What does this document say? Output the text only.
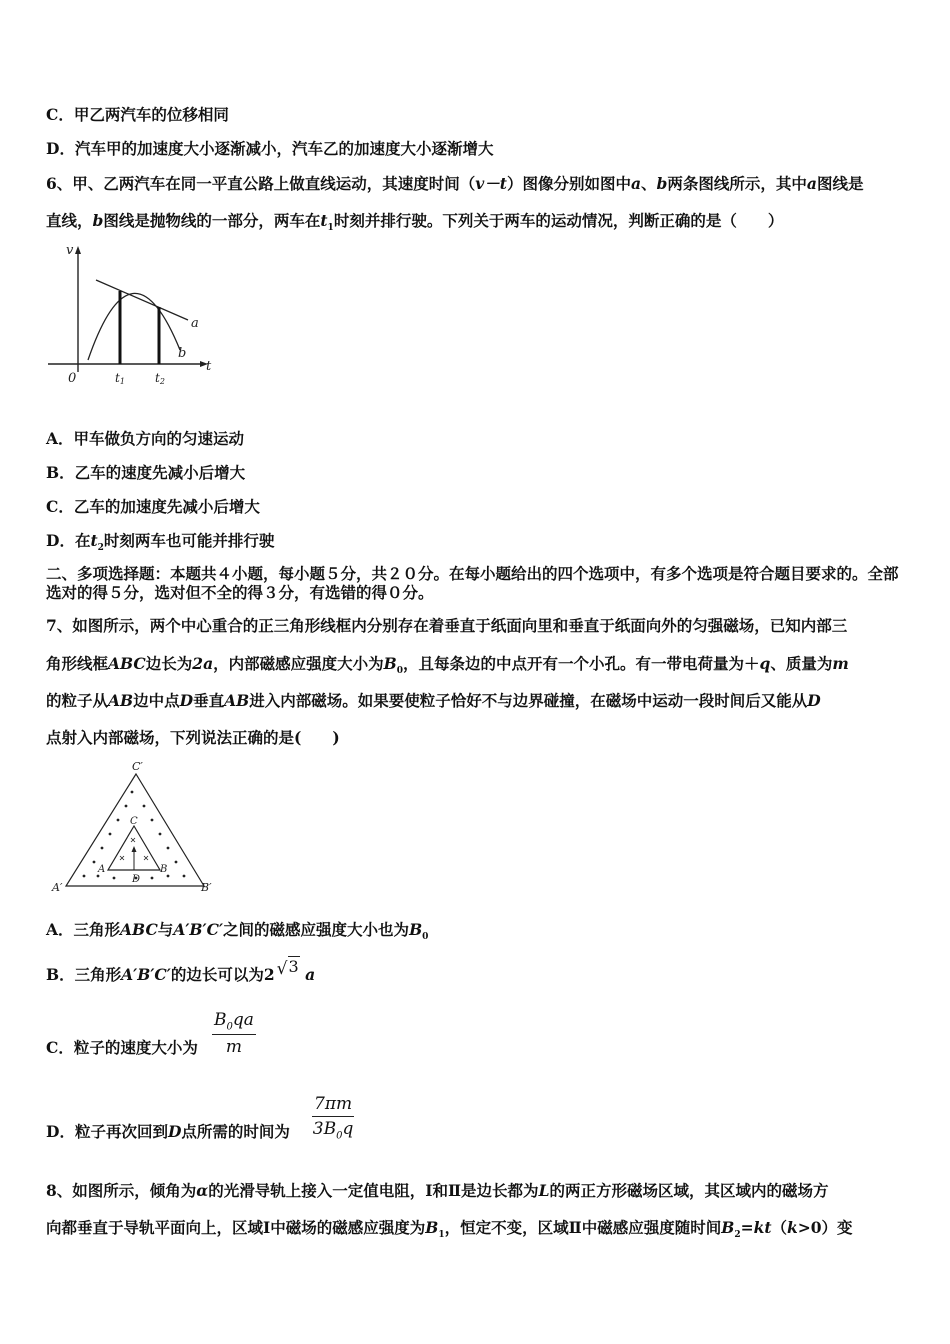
C．甲乙两汽车的位移相同
D．汽车甲的加速度大小逐渐减小，汽车乙的加速度大小逐渐增大
6、甲、乙两汽车在同一平直公路上做直线运动，其速度时间（v－t）图像分别如图中a、b两条图线所示，其中a图线是
直线，b图线是抛物线的一部分，两车在$t_1$时刻并排行驶。下列关于两车的运动情况，判断正确的是（　　）
v
t
0	t1	t2
a
b
A．甲车做负方向的匀速运动
B．乙车的速度先减小后增大
C．乙车的加速度先减小后增大
D．在$t_2$时刻两车也可能并排行驶
二、多项选择题：本题共４小题，每小题５分，共２０分。在每小题给出的四个选项中，有多个选项是符合题目要求的。全部选对的得５分，选对但不全的得３分，有选错的得０分。
7、如图所示，两个中心重合的正三角形线框内分别存在着垂直于纸面向里和垂直于纸面向外的匀强磁场，已知内部三
角形线框ABC边长为2a，内部磁感应强度大小为$B_0$，且每条边的中点开有一个小孔。有一带电荷量为＋q、质量为m
的粒子从AB边中点D垂直AB进入内部磁场。如果要使粒子恰好不与边界碰撞，在磁场中运动一段时间后又能从D
点射入内部磁场，下列说法正确的是(　　)
C′
A′	B′
C
A	B
D
A．三角形ABC与A′B′C′之间的磁感应强度大小也为$B_0$
B．三角形A′B′C′的边长可以为2 √3 a
C．粒子的速度大小为 $\frac{B_0qa}{m}$
D．粒子再次回到D点所需的时间为 $\frac{7\pi m}{3B_0q}$
8、如图所示，倾角为α的光滑导轨上接入一定值电阻，Ⅰ和Ⅱ是边长都为L的两正方形磁场区域，其区域内的磁场方
向都垂直于导轨平面向上，区域Ⅰ中磁场的磁感应强度为$B_1$，恒定不变，区域Ⅱ中磁感应强度随时间$B_2=kt(k>0)$变
